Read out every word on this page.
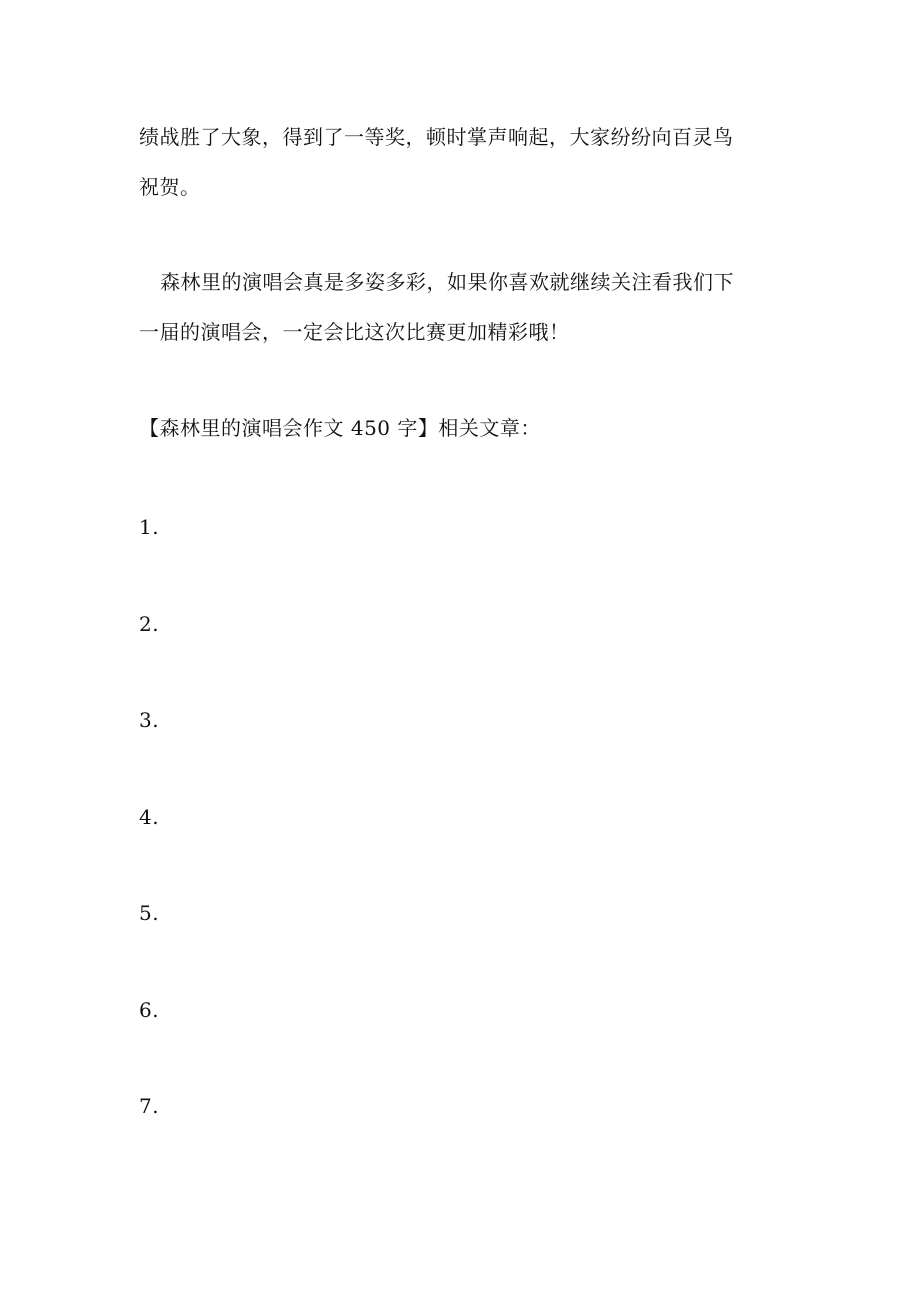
绩战胜了大象，得到了一等奖，顿时掌声响起，大家纷纷向百灵鸟
祝贺。
森林里的演唱会真是多姿多彩，如果你喜欢就继续关注看我们下
一届的演唱会，一定会比这次比赛更加精彩哦！
【森林里的演唱会作文 450 字】相关文章：
1.
2.
3.
4.
5.
6.
7.
